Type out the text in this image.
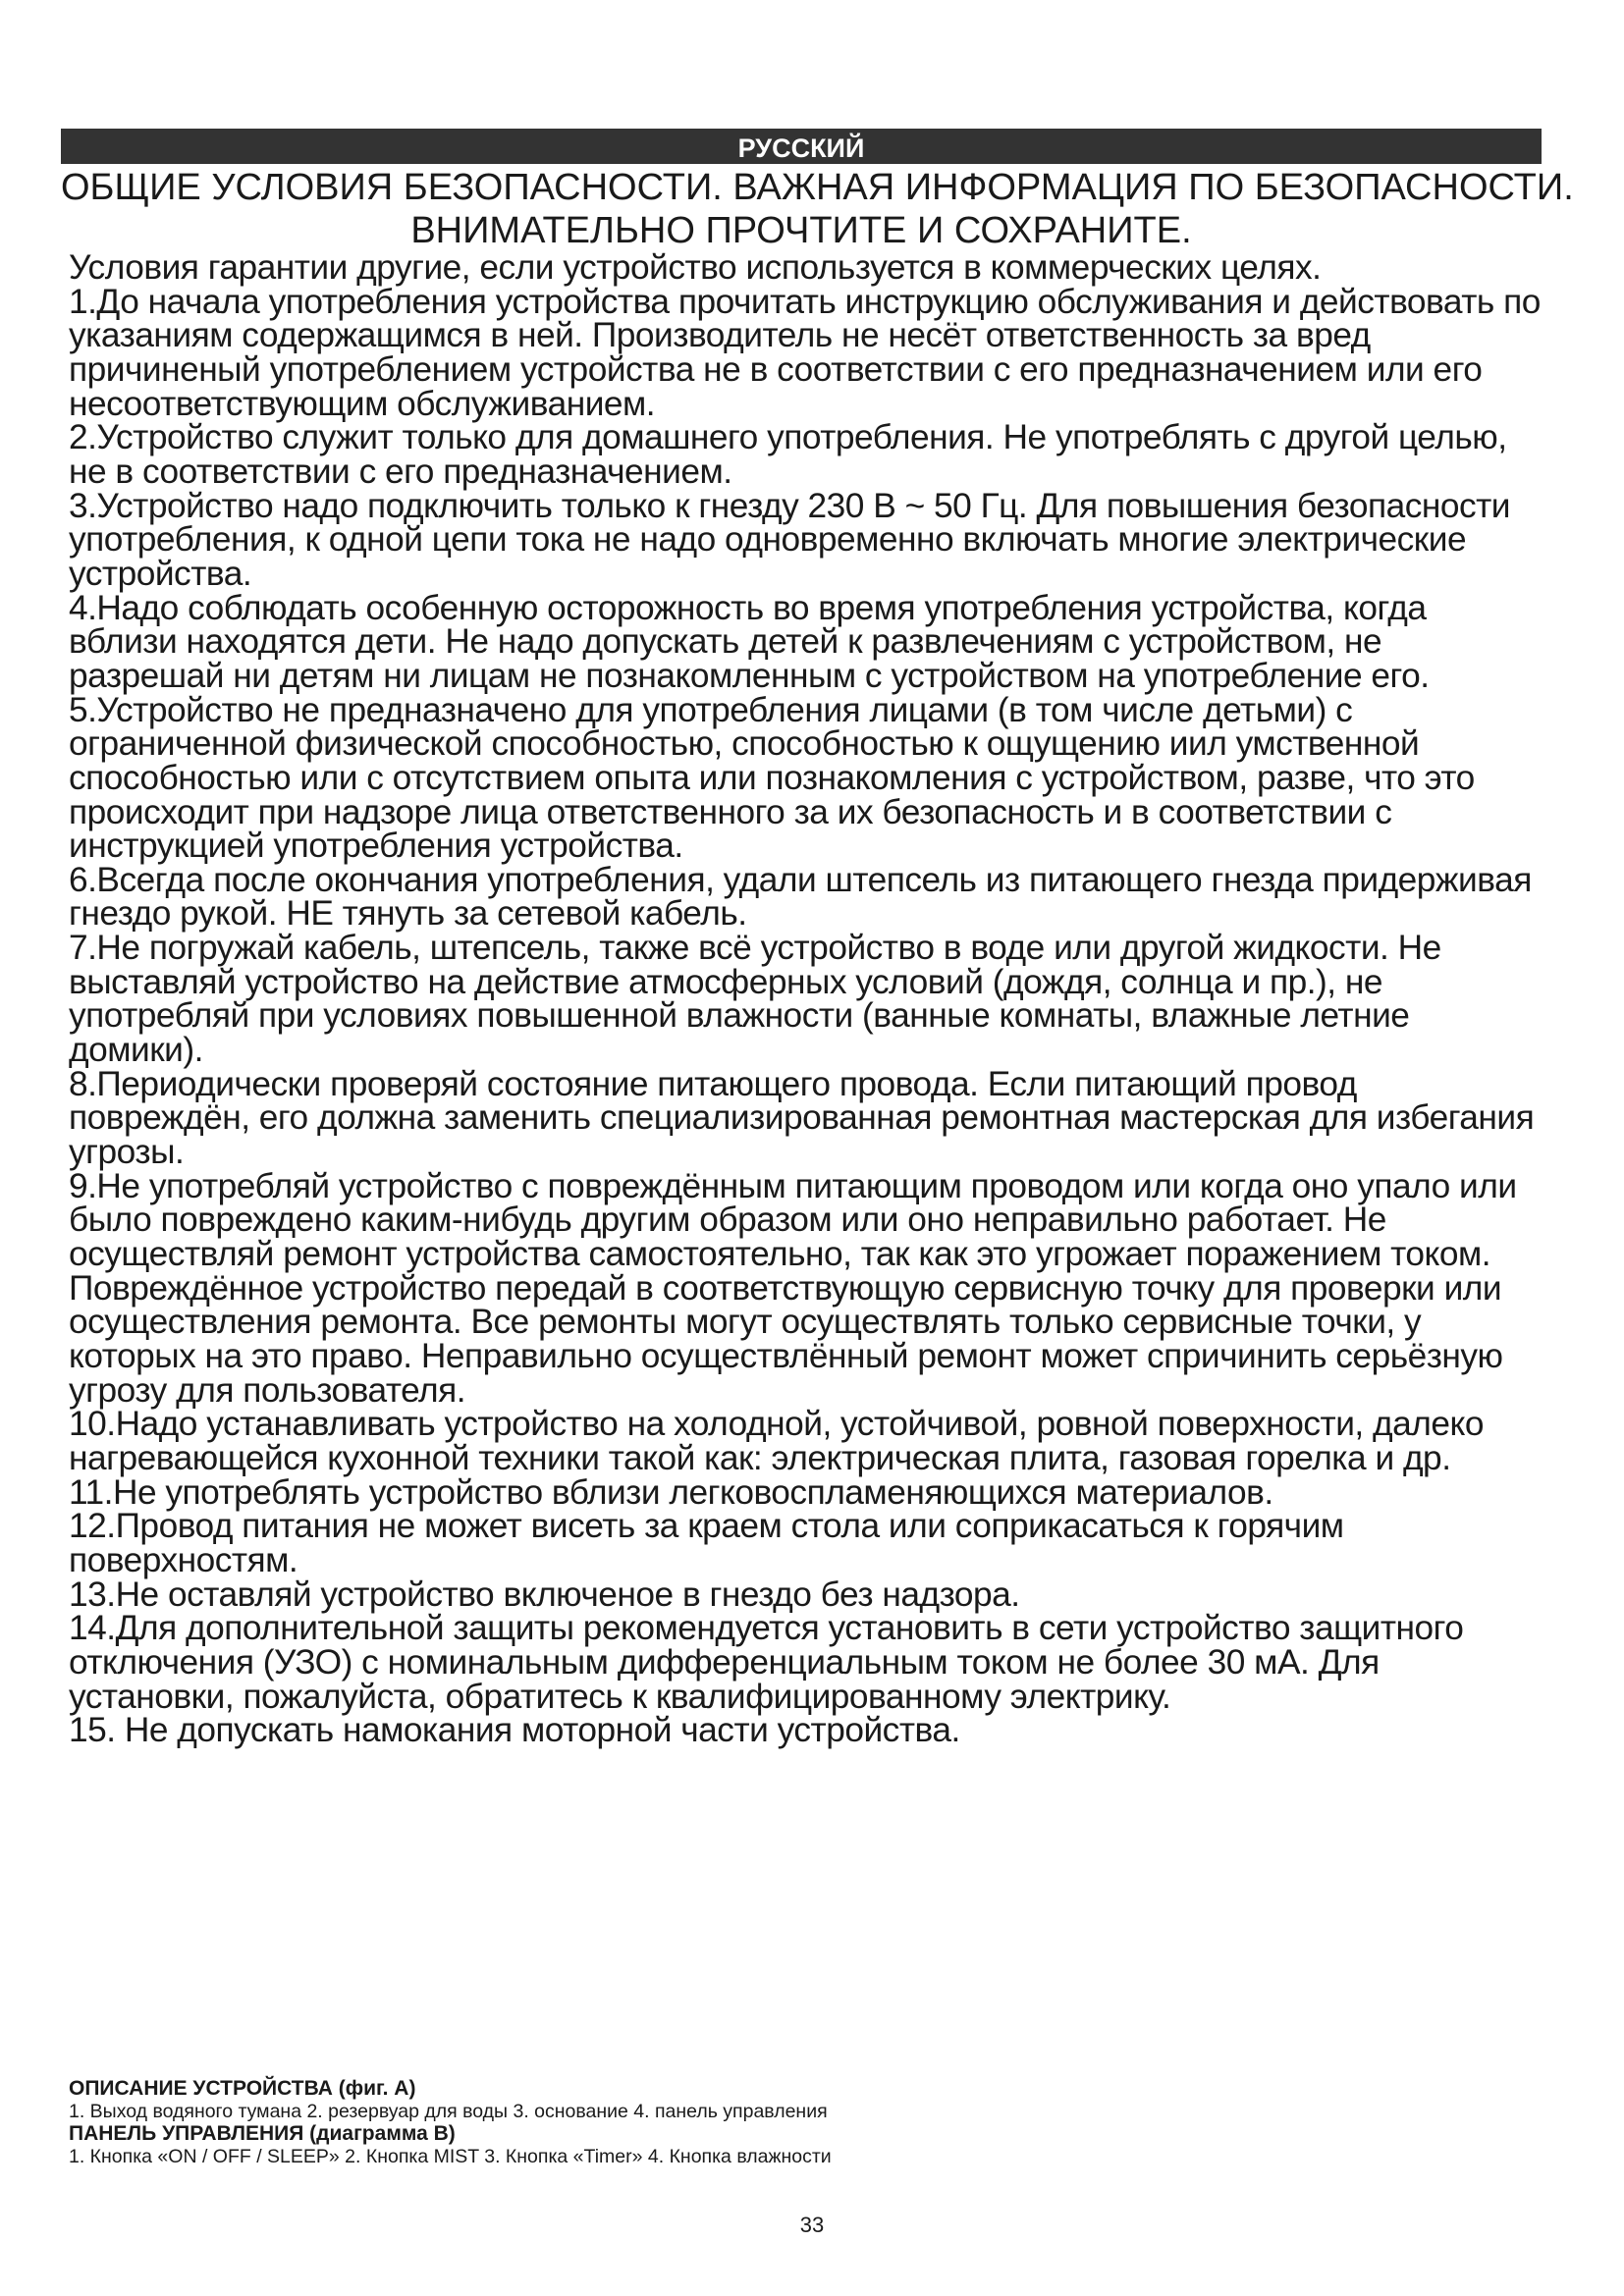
РУССКИЙ
ОБЩИЕ УСЛОВИЯ БЕЗОПАСНОСТИ. ВАЖНАЯ ИНФОРМАЦИЯ ПО БЕЗОПАСНОСТИ.
ВНИМАТЕЛЬНО ПРОЧТИТЕ И СОХРАНИТЕ.

Условия гарантии другие, если устройство используется в коммерческих целях.

1.До начала употребления устройства прочитать инструкцию обслуживания и действовать по указаниям содержащимся в ней. Производитель не несёт ответственность за вред причиненый употреблением устройства не в соответствии с его предназначением или его несоответствующим обслуживанием.

2.Устройство служит только для домашнего употребления. Не употреблять с другой целью, не в соответствии с его предназначением.

3.Устройство надо подключить только к гнезду 230 В ~ 50 Гц. Для повышения безопасности употребления, к одной цепи тока не надо одновременно включать многие электрические устройства.

4.Надо соблюдать особенную осторожность во время употребления устройства, когда вблизи находятся дети. Не надо допускать детей к развлечениям с устройством, не разрешай ни детям ни лицам не познакомленным с устройством на употребление его.

5.Устройство не предназначено для употребления лицами (в том числе детьми) с ограниченной физической способностью, способностью к ощущению иил умственной способностью или с отсутствием опыта или познакомления с устройством, разве, что это происходит при надзоре лица ответственного за их безопасность и в соответствии с инструкцией употребления устройства.

6.Всегда после окончания употребления, удали штепсель из питающего гнезда придерживая гнездо рукой. НЕ тянуть за сетевой кабель.

7.Не погружай кабель, штепсель, также всё устройство в воде или другой жидкости. Не выставляй устройство на действие атмосферных условий (дождя, солнца и пр.), не употребляй при условиях повышенной влажности (ванные комнаты, влажные летние домики).

8.Периодически проверяй состояние питающего провода. Если питающий провод повреждён, его должна заменить специализированная ремонтная мастерская для избегания угрозы.

9.Не употребляй устройство с повреждённым питающим проводом или когда оно упало или было повреждено каким-нибудь другим образом или оно неправильно работает. Не осуществляй ремонт устройства самостоятельно, так как это угрожает поражением током. Повреждённое устройство передай в соответствующую сервисную точку для проверки или осуществления ремонта. Все ремонты могут осуществлять только сервисные точки, у которых на это право. Неправильно осуществлённый ремонт может спричинить серьёзную угрозу для пользователя.

10.Надо устанавливать устройство на холодной, устойчивой, ровной поверхности, далеко нагревающейся кухонной техники такой как: электрическая плита, газовая горелка и др.

11.Не употреблять устройство вблизи легковоспламеняющихся материалов.

12.Провод питания не может висеть за краем стола или соприкасаться к горячим поверхностям.

13.Не оставляй устройство включеное в гнездо без надзора.

14.Для дополнительной защиты рекомендуется установить в сети устройство защитного отключения (УЗО) с номинальным дифференциальным током не более 30 мА. Для установки, пожалуйста, обратитесь к квалифицированному электрику.

15. Не допускать намокания моторной части устройства.

ОПИСАНИЕ УСТРОЙСТВА (фиг. A)
1. Выход водяного тумана 2. резервуар для воды 3. основание 4. панель управления
ПАНЕЛЬ УПРАВЛЕНИЯ (диаграмма B)
1. Кнопка «ON / OFF / SLEEP» 2. Кнопка MIST 3. Кнопка «Timer» 4. Кнопка влажности
33
